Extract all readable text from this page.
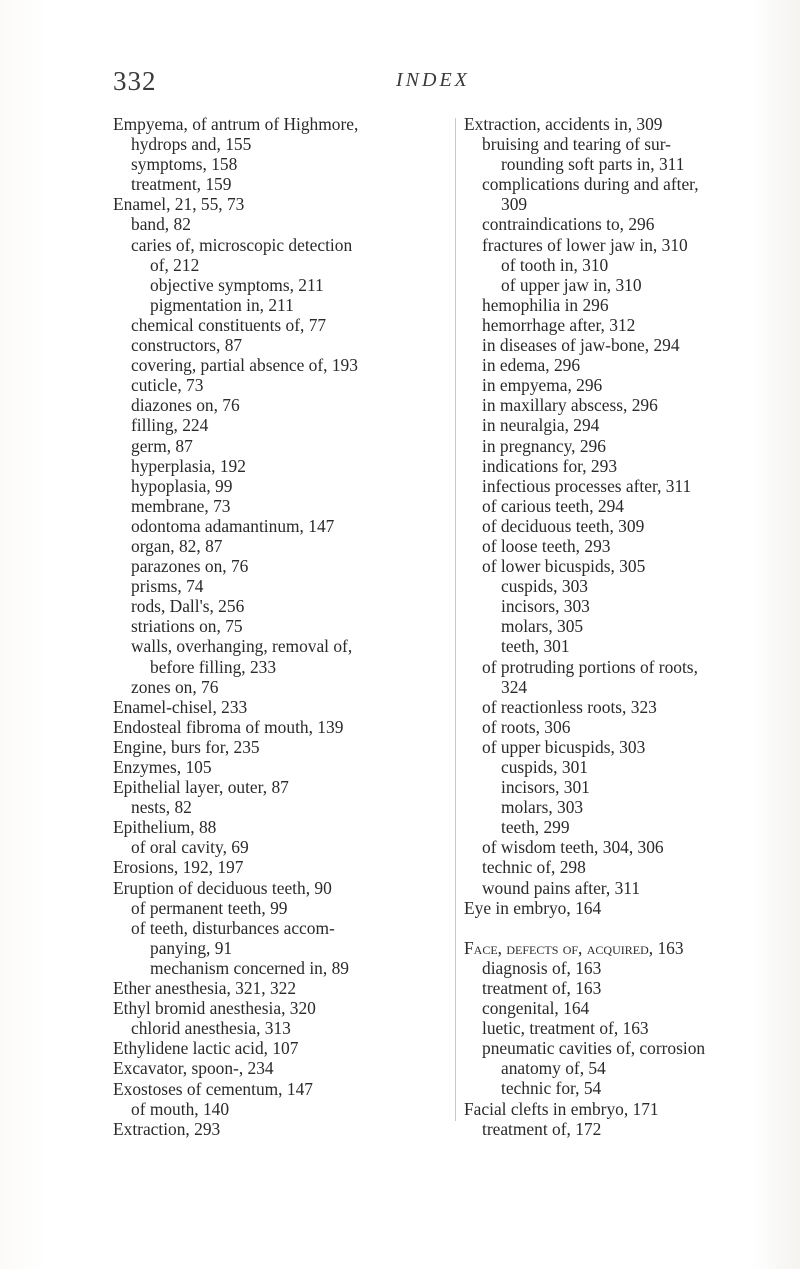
332	INDEX
Empyema, of antrum of Highmore,
hydrops and, 155
symptoms, 158
treatment, 159
Enamel, 21, 55, 73
band, 82
caries of, microscopic detection
of, 212
objective symptoms, 211
pigmentation in, 211
chemical constituents of, 77
constructors, 87
covering, partial absence of, 193
cuticle, 73
diazones on, 76
filling, 224
germ, 87
hyperplasia, 192
hypoplasia, 99
membrane, 73
odontoma adamantinum, 147
organ, 82, 87
parazones on, 76
prisms, 74
rods, Dall's, 256
striations on, 75
walls, overhanging, removal of,
before filling, 233
zones on, 76
Enamel-chisel, 233
Endosteal fibroma of mouth, 139
Engine, burs for, 235
Enzymes, 105
Epithelial layer, outer, 87
nests, 82
Epithelium, 88
of oral cavity, 69
Erosions, 192, 197
Eruption of deciduous teeth, 90
of permanent teeth, 99
of teeth, disturbances accom-
panying, 91
mechanism concerned in, 89
Ether anesthesia, 321, 322
Ethyl bromid anesthesia, 320
chlorid anesthesia, 313
Ethylidene lactic acid, 107
Excavator, spoon-, 234
Exostoses of cementum, 147
of mouth, 140
Extraction, 293
Extraction, accidents in, 309
bruising and tearing of sur-
rounding soft parts in, 311
complications during and after,
309
contraindications to, 296
fractures of lower jaw in, 310
of tooth in, 310
of upper jaw in, 310
hemophilia in 296
hemorrhage after, 312
in diseases of jaw-bone, 294
in edema, 296
in empyema, 296
in maxillary abscess, 296
in neuralgia, 294
in pregnancy, 296
indications for, 293
infectious processes after, 311
of carious teeth, 294
of deciduous teeth, 309
of loose teeth, 293
of lower bicuspids, 305
cuspids, 303
incisors, 303
molars, 305
teeth, 301
of protruding portions of roots,
324
of reactionless roots, 323
of roots, 306
of upper bicuspids, 303
cuspids, 301
incisors, 301
molars, 303
teeth, 299
of wisdom teeth, 304, 306
technic of, 298
wound pains after, 311
Eye in embryo, 164
Face, defects of, acquired, 163
diagnosis of, 163
treatment of, 163
congenital, 164
luetic, treatment of, 163
pneumatic cavities of, corrosion
anatomy of, 54
technic for, 54
Facial clefts in embryo, 171
treatment of, 172
